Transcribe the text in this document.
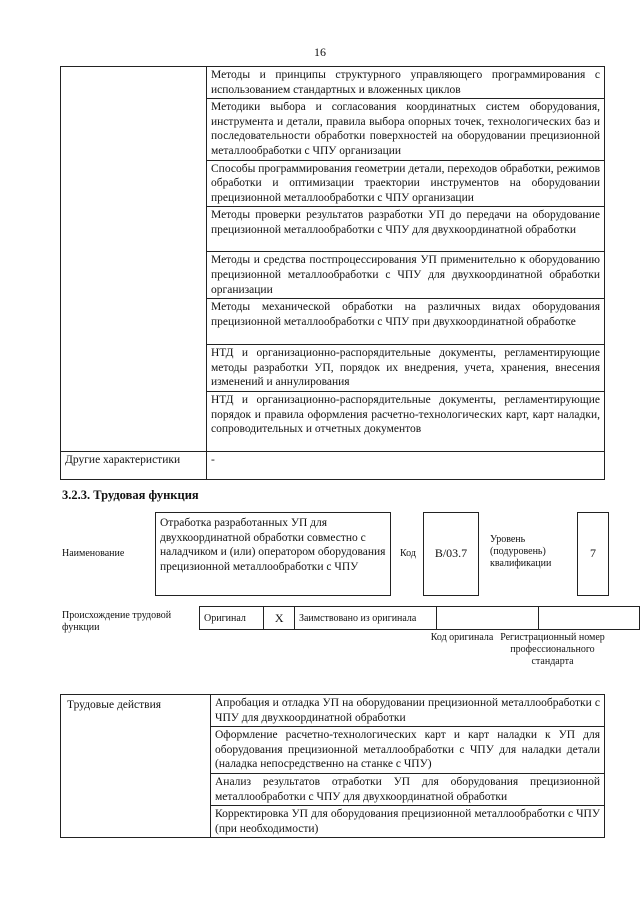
16
	Методы и принципы структурного управляющего программирования с использованием стандартных и вложенных циклов
	Методики выбора и согласования координатных систем оборудования, инструмента и детали, правила выбора опорных точек, технологических баз и последовательности обработки поверхностей на оборудовании прецизионной металлообработки с ЧПУ организации
	Способы программирования геометрии детали, переходов обработки, режимов обработки и оптимизации траектории инструментов на оборудовании прецизионной металлообработки с ЧПУ организации
	Методы проверки результатов разработки УП до передачи на оборудование прецизионной металлообработки с ЧПУ для двухкоординатной обработки
	Методы и средства постпроцессирования УП применительно к оборудованию прецизионной металлообработки с ЧПУ для двухкоординатной обработки организации
	Методы механической обработки на различных видах оборудования прецизионной металлообработки с ЧПУ при двухкоординатной обработке
	НТД и организационно-распорядительные документы, регламентирующие методы разработки УП, порядок их внедрения, учета, хранения, внесения изменений и аннулирования
	НТД и организационно-распорядительные документы, регламентирующие порядок и правила оформления расчетно-технологических карт, карт наладки, сопроводительных и отчетных документов
Другие характеристики	-
3.2.3. Трудовая функция
Наименование
Отработка разработанных УП для двухкоординатной обработки совместно с наладчиком и (или) оператором оборудования прецизионной металлообработки с ЧПУ
Код	B/03.7
Уровень (подуровень) квалификации
7
Происхождение трудовой функции
Оригинал	X	Заимствовано из оригинала		
Код оригинала Регистрационный номер профессионального стандарта
Трудовые действия	Апробация и отладка УП на оборудовании прецизионной металлообработки с ЧПУ для двухкоординатной обработки
Оформление расчетно-технологических карт и карт наладки к УП для оборудования прецизионной металлообработки с ЧПУ для наладки детали (наладка непосредственно на станке с ЧПУ)
Анализ результатов отработки УП для оборудования прецизионной металлообработки с ЧПУ для двухкоординатной обработки
Корректировка УП для оборудования прецизионной металлообработки с ЧПУ (при необходимости)
